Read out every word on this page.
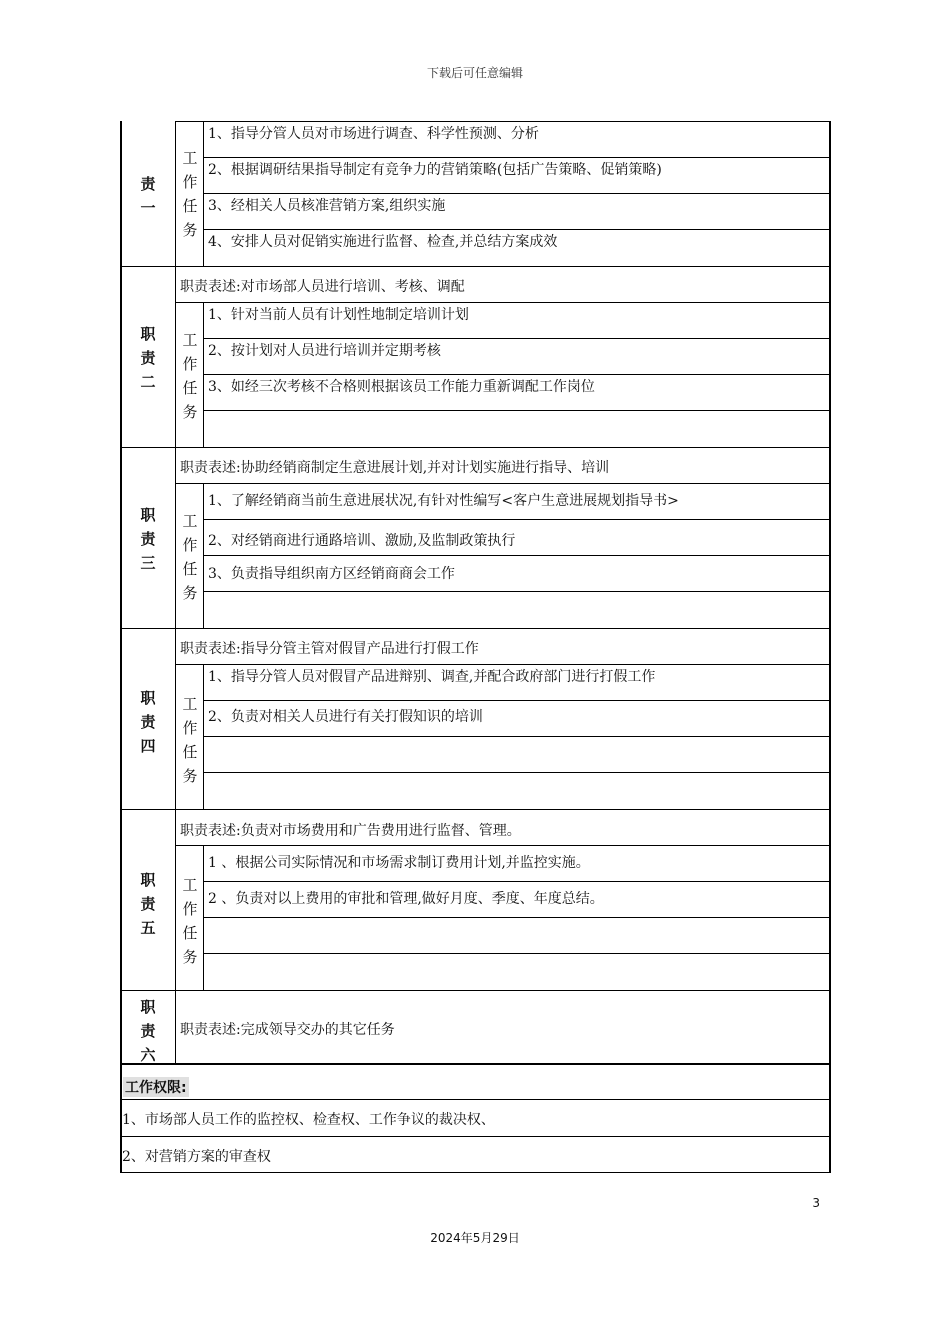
下载后可任意编辑
责
一
工
作
任
务
1、指导分管人员对市场进行调查、科学性预测、分析
2、根据调研结果指导制定有竞争力的营销策略(包括广告策略、促销策略)
3、经相关人员核准营销方案,组织实施
4、安排人员对促销实施进行监督、检查,并总结方案成效
职
责
二
职责表述:对市场部人员进行培训、考核、调配
工
作
任
务
1、针对当前人员有计划性地制定培训计划
2、按计划对人员进行培训并定期考核
3、如经三次考核不合格则根据该员工作能力重新调配工作岗位
职
责
三
职责表述:协助经销商制定生意进展计划,并对计划实施进行指导、培训
工
作
任
务
1、了解经销商当前生意进展状况,有针对性编写<客户生意进展规划指导书>
2、对经销商进行通路培训、激励,及监制政策执行
3、负责指导组织南方区经销商商会工作
职
责
四
职责表述:指导分管主管对假冒产品进行打假工作
工
作
任
务
1、指导分管人员对假冒产品进辩别、调查,并配合政府部门进行打假工作
2、负责对相关人员进行有关打假知识的培训
职
责
五
职责表述:负责对市场费用和广告费用进行监督、管理。
工
作
任
务
1 、根据公司实际情况和市场需求制订费用计划,并监控实施。
2 、负责对以上费用的审批和管理,做好月度、季度、年度总结。
职
责
六
职责表述:完成领导交办的其它任务
工作权限:
1、市场部人员工作的监控权、检查权、工作争议的裁决权、
2、对营销方案的审查权
3
2024年5月29日
